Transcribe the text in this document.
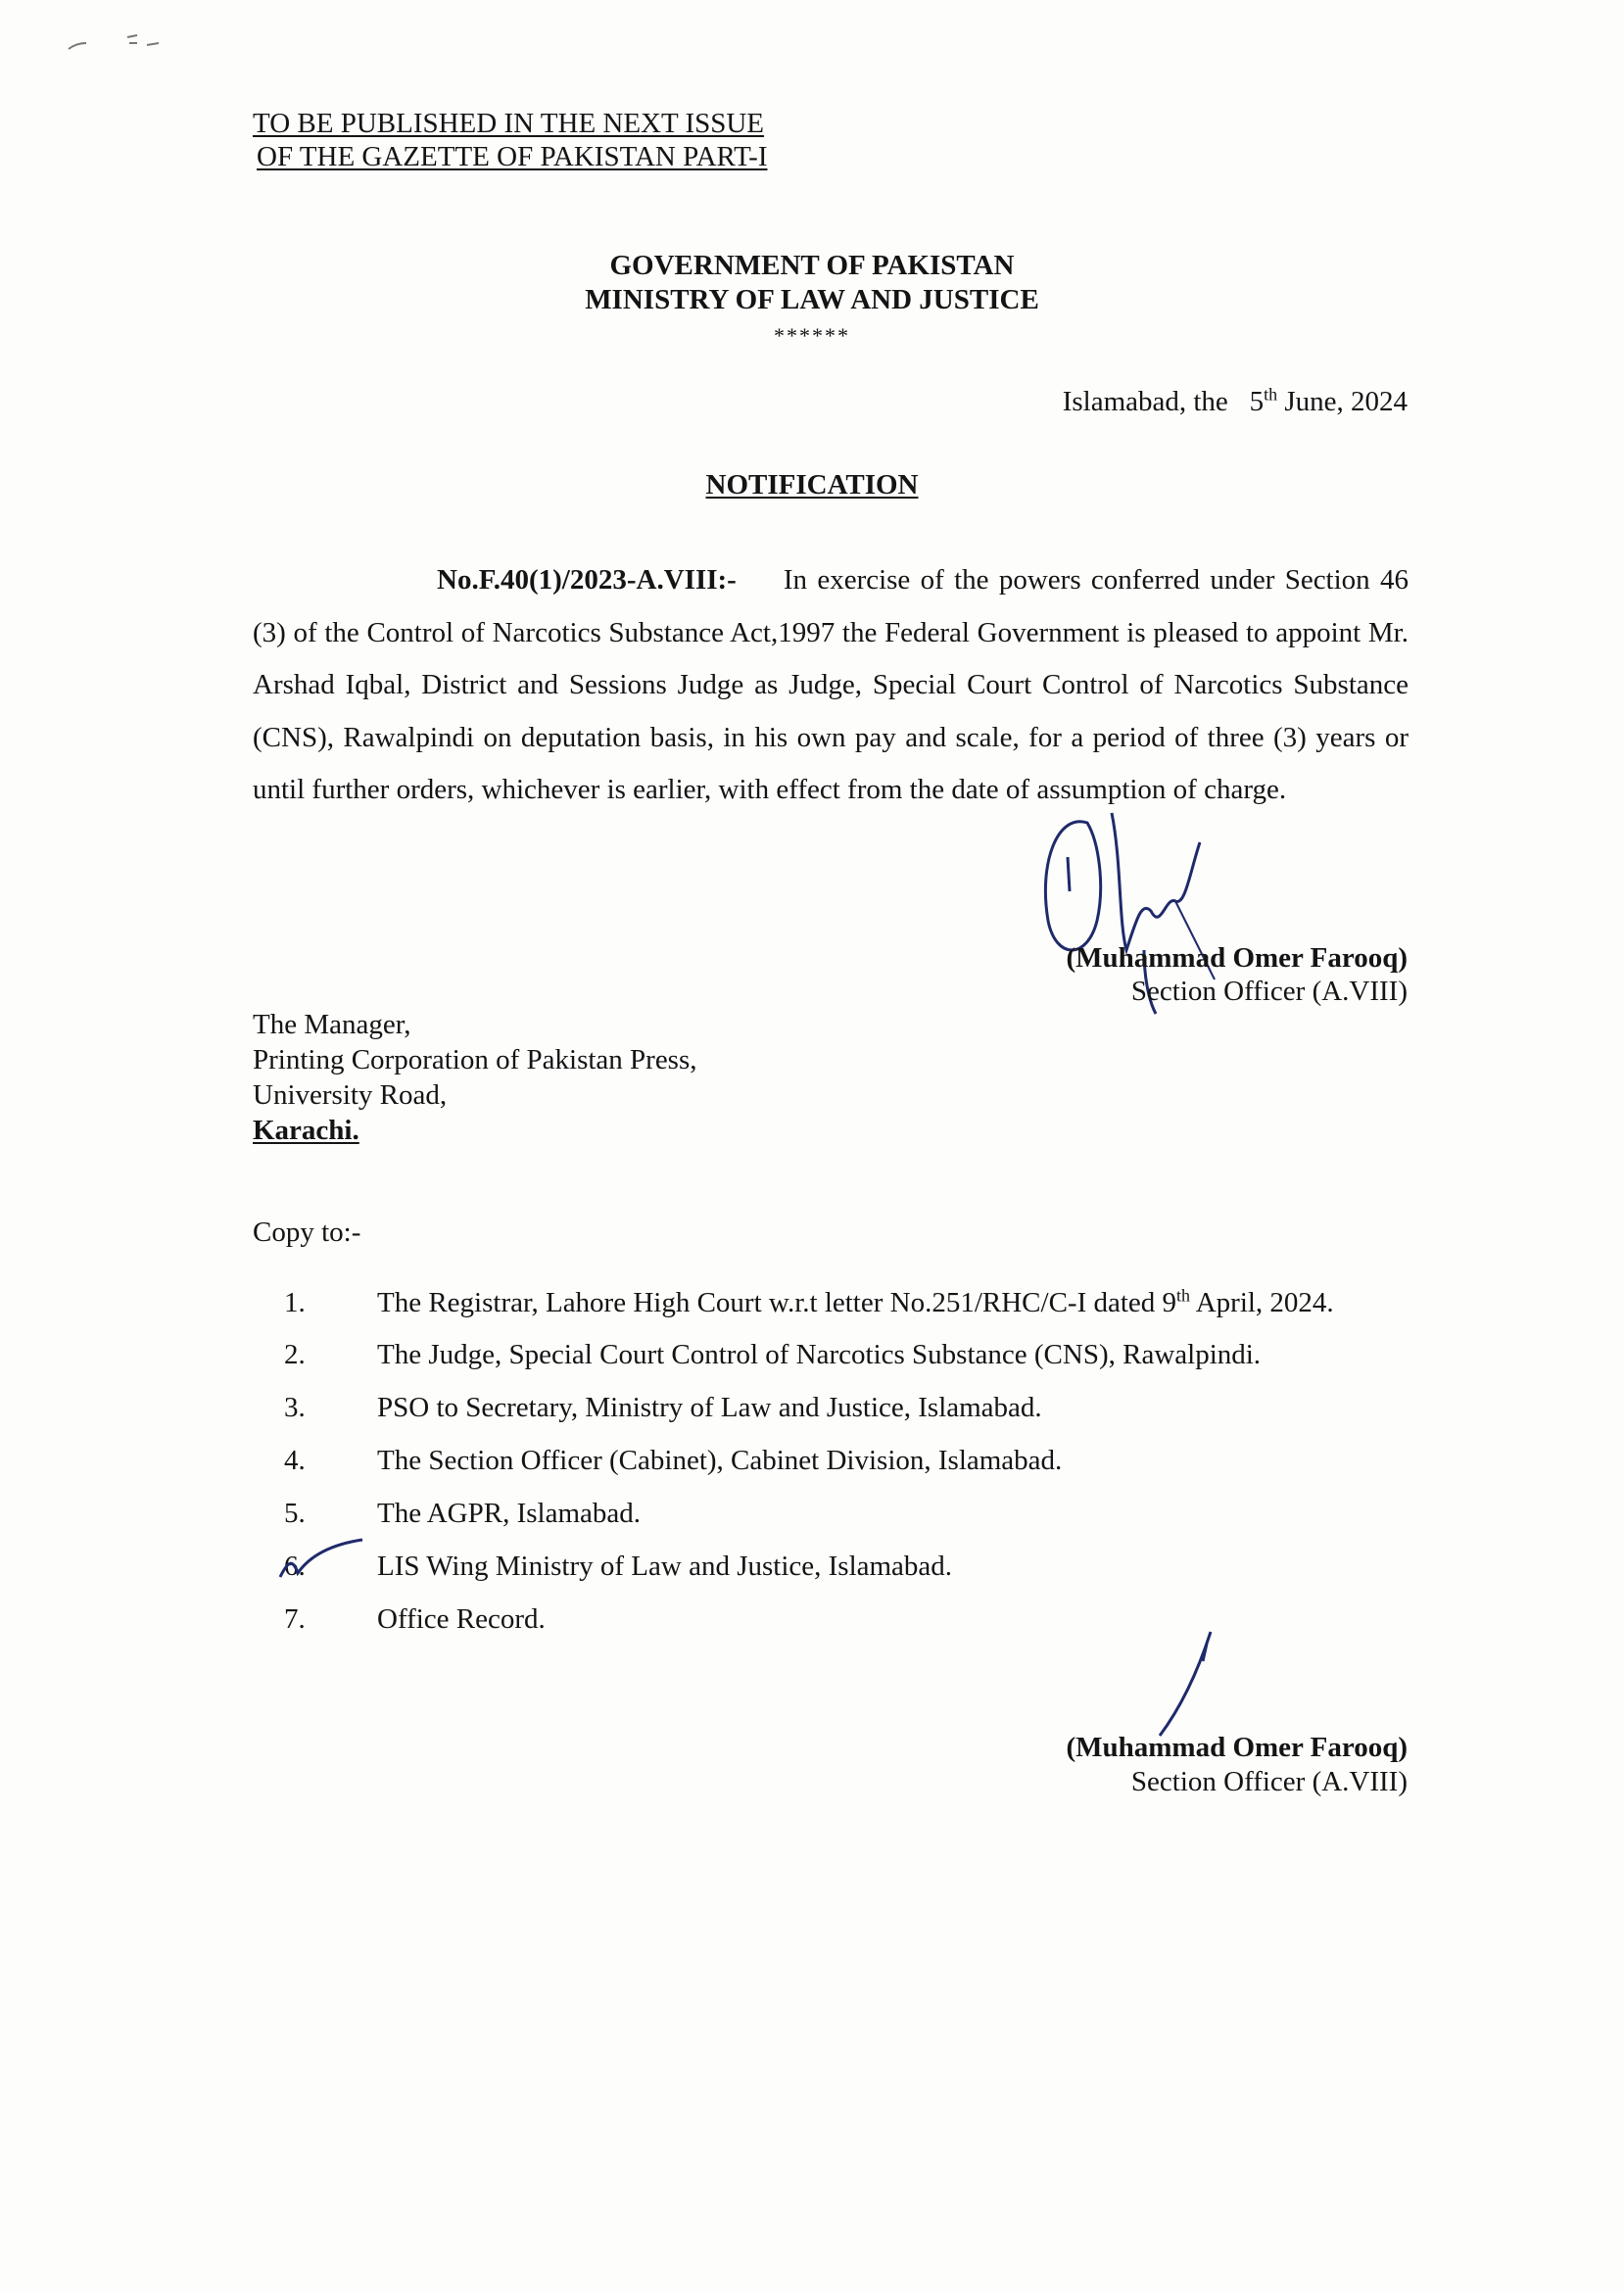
TO BE PUBLISHED IN THE NEXT ISSUE
OF THE GAZETTE OF PAKISTAN PART-I
GOVERNMENT OF PAKISTAN
MINISTRY OF LAW AND JUSTICE
******
Islamabad, the 5th June, 2024
NOTIFICATION
No.F.40(1)/2023-A.VIII:- In exercise of the powers conferred under Section 46 (3) of the Control of Narcotics Substance Act,1997 the Federal Government is pleased to appoint Mr. Arshad Iqbal, District and Sessions Judge as Judge, Special Court Control of Narcotics Substance (CNS), Rawalpindi on deputation basis, in his own pay and scale, for a period of three (3) years or until further orders, whichever is earlier, with effect from the date of assumption of charge.
(Muhammad Omer Farooq)
Section Officer (A.VIII)
The Manager,
Printing Corporation of Pakistan Press,
University Road,
Karachi.
Copy to:-
1.	The Registrar, Lahore High Court w.r.t letter No.251/RHC/C-I dated 9th April, 2024.
2.	The Judge, Special Court Control of Narcotics Substance (CNS), Rawalpindi.
3.	PSO to Secretary, Ministry of Law and Justice, Islamabad.
4.	The Section Officer (Cabinet), Cabinet Division, Islamabad.
5.	The AGPR, Islamabad.
6.	LIS Wing Ministry of Law and Justice, Islamabad.
7.	Office Record.
(Muhammad Omer Farooq)
Section Officer (A.VIII)
